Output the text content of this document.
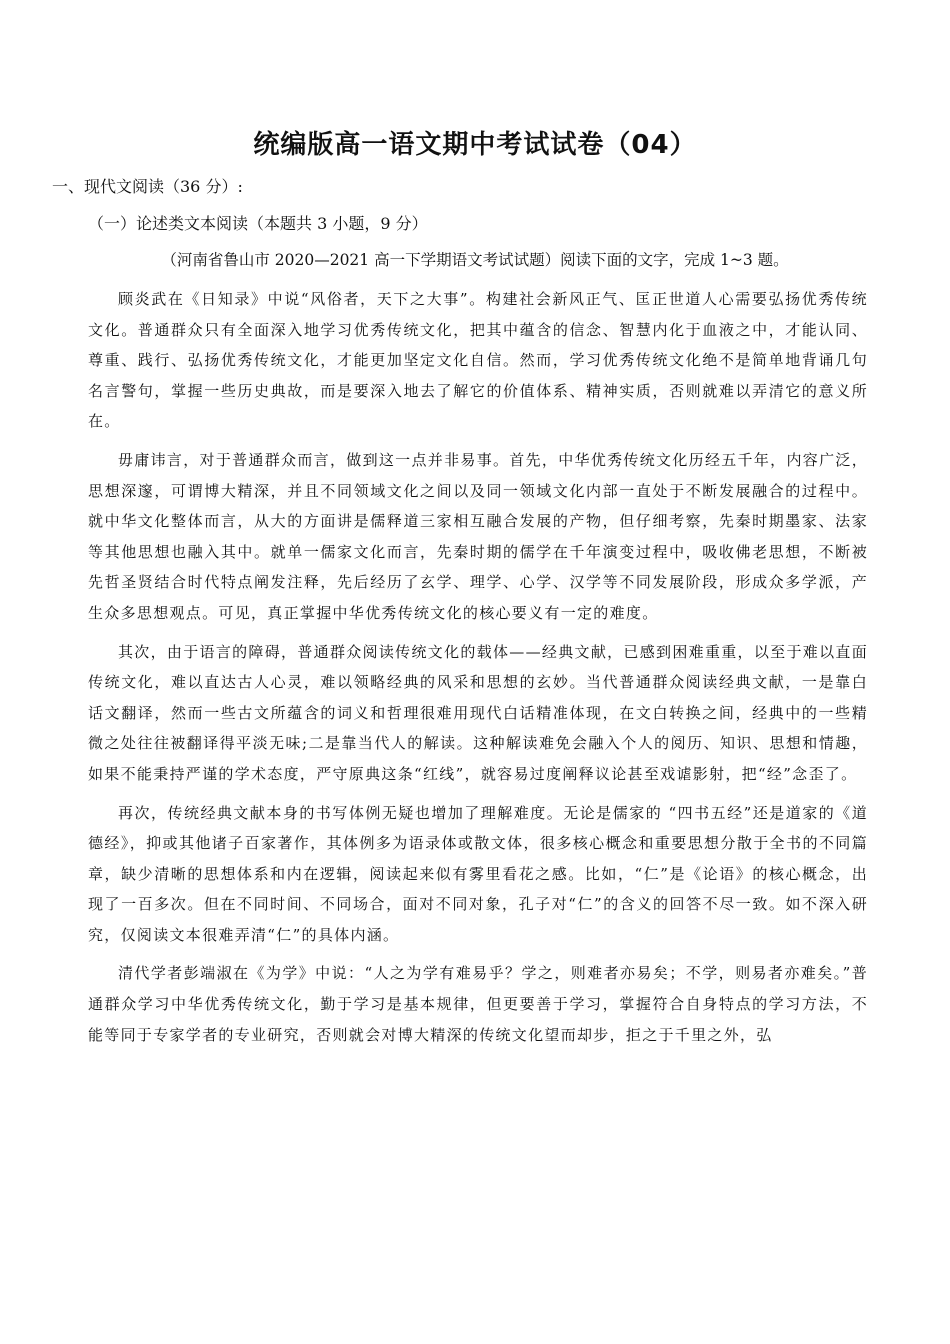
统编版高一语文期中考试试卷（04）
一、现代文阅读（36 分）:
（一）论述类文本阅读（本题共 3 小题，9 分）
（河南省鲁山市 2020—2021 高一下学期语文考试试题）阅读下面的文字，完成 1~3 题。

顾炎武在《日知录》中说“风俗者，天下之大事”。构建社会新风正气、匡正世道人心需要弘扬优秀传统文化。普通群众只有全面深入地学习优秀传统文化，把其中蕴含的信念、智慧内化于血液之中，才能认同、尊重、践行、弘扬优秀传统文化，才能更加坚定文化自信。然而，学习优秀传统文化绝不是简单地背诵几句名言警句，掌握一些历史典故，而是要深入地去了解它的价值体系、精神实质，否则就难以弄清它的意义所在。

毋庸讳言，对于普通群众而言，做到这一点并非易事。首先，中华优秀传统文化历经五千年，内容广泛，思想深邃，可谓博大精深，并且不同领域文化之间以及同一领域文化内部一直处于不断发展融合的过程中。就中华文化整体而言，从大的方面讲是儒释道三家相互融合发展的产物，但仔细考察，先秦时期墨家、法家等其他思想也融入其中。就单一儒家文化而言，先秦时期的儒学在千年演变过程中，吸收佛老思想，不断被先哲圣贤结合时代特点阐发注释，先后经历了玄学、理学、心学、汉学等不同发展阶段，形成众多学派，产生众多思想观点。可见，真正掌握中华优秀传统文化的核心要义有一定的难度。

其次，由于语言的障碍，普通群众阅读传统文化的载体——经典文献，已感到困难重重，以至于难以直面传统文化，难以直达古人心灵，难以领略经典的风采和思想的玄妙。当代普通群众阅读经典文献，一是靠白话文翻译，然而一些古文所蕴含的词义和哲理很难用现代白话精准体现，在文白转换之间，经典中的一些精微之处往往被翻译得平淡无味;二是靠当代人的解读。这种解读难免会融入个人的阅历、知识、思想和情趣，如果不能秉持严谨的学术态度，严守原典这条“红线”，就容易过度阐释议论甚至戏谑影射，把“经”念歪了。

再次，传统经典文献本身的书写体例无疑也增加了理解难度。无论是儒家的 “四书五经”还是道家的《道德经》，抑或其他诸子百家著作，其体例多为语录体或散文体，很多核心概念和重要思想分散于全书的不同篇章，缺少清晰的思想体系和内在逻辑，阅读起来似有雾里看花之感。比如，“仁”是《论语》的核心概念，出现了一百多次。但在不同时间、不同场合，面对不同对象，孔子对“仁”的含义的回答不尽一致。如不深入研究，仅阅读文本很难弄清“仁”的具体内涵。

清代学者彭端淑在《为学》中说：“人之为学有难易乎？学之，则难者亦易矣；不学，则易者亦难矣。”普通群众学习中华优秀传统文化，勤于学习是基本规律，但更要善于学习，掌握符合自身特点的学习方法，不能等同于专家学者的专业研究，否则就会对博大精深的传统文化望而却步，拒之于千里之外，弘
